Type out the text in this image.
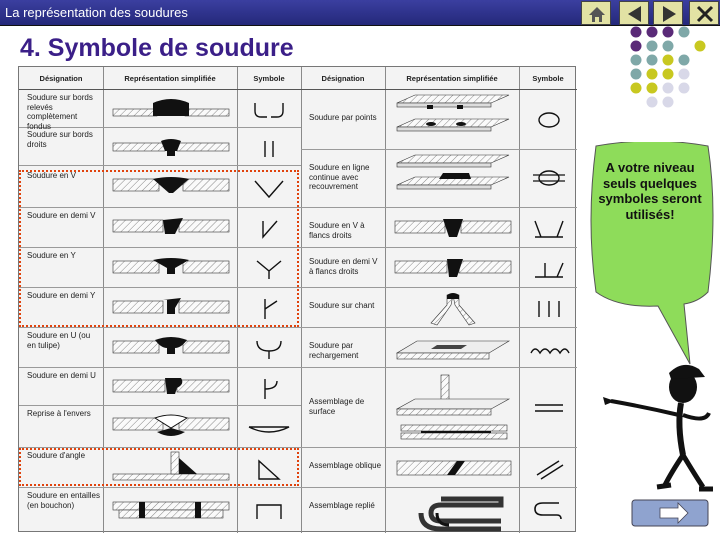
La représentation des soudures
4. Symbole de soudure
Désignation	Représentation simplifiée	Symbole	Désignation	Représentation simplifiée	Symbole
Soudure sur bords relevés complètement fondus
Soudure sur bords droits
Soudure en V
Soudure en demi V
Soudure en Y
Soudure en demi Y
Soudure en U (ou en tulipe)
Soudure en demi U
Reprise à l'envers
Soudure d'angle
Soudure en entailles (en bouchon)
Soudure par points
Soudure en ligne continue avec recouvrement
Soudure en V à flancs droits
Soudure en demi V à flancs droits
Soudure sur chant
Soudure par rechargement
Assemblage de surface
Assemblage oblique
Assemblage replié
A votre niveau seuls quelques symboles seront utilisés!
